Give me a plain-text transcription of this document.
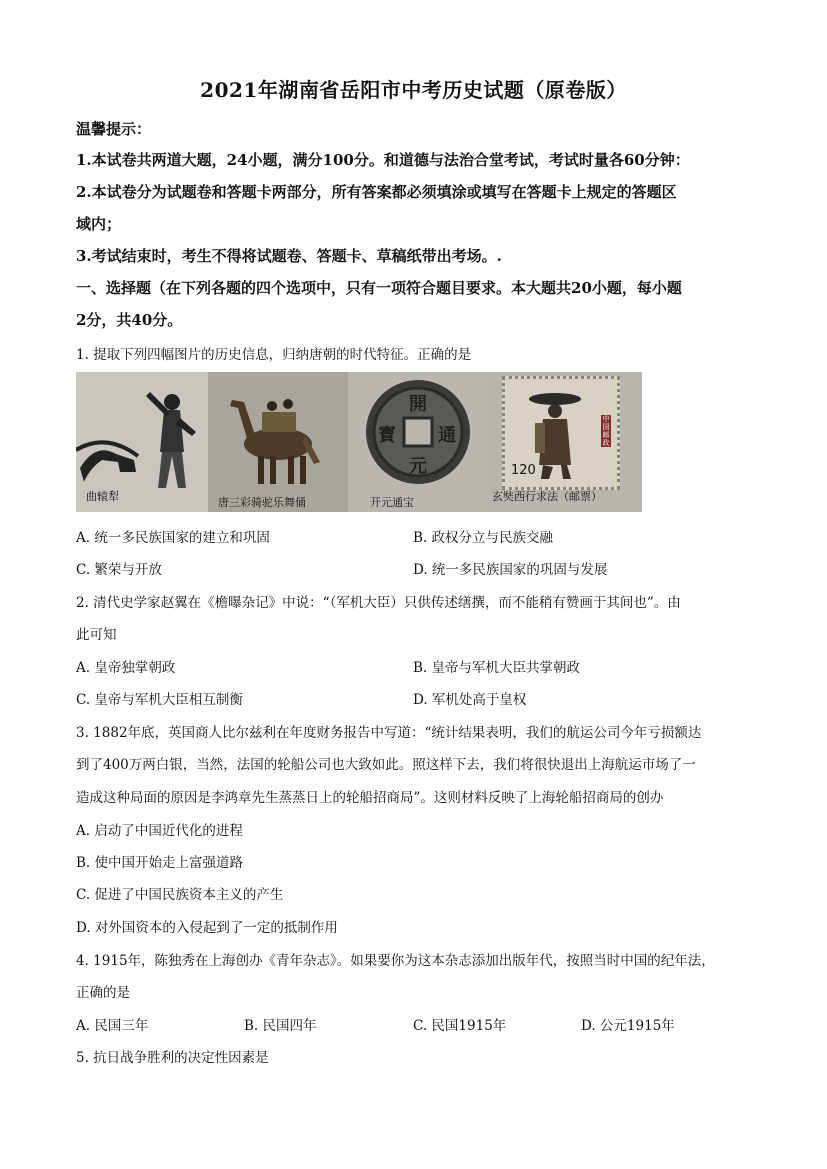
2021年湖南省岳阳市中考历史试题（原卷版）
温馨提示：
1.本试卷共两道大题，24小题，满分100分。和道德与法治合堂考试，考试时量各60分钟：
2.本试卷分为试题卷和答题卡两部分，所有答案都必须填涂或填写在答题卡上规定的答题区
域内；
3.考试结束时，考生不得将试题卷、答题卡、草稿纸带出考场。.
一、选择题（在下列各题的四个选项中，只有一项符合题目要求。本大题共20小题，每小题
2分，共40分。
1. 提取下列四幅图片的历史信息，归纳唐朝的时代特征。正确的是
曲辕犁	唐三彩骑驼乐舞俑
開
元
通
寳
开元通宝
120
中国邮政
玄奘西行求法（邮票）
A. 统一多民族国家的建立和巩固	B. 政权分立与民族交融
C. 繁荣与开放	D. 统一多民族国家的巩固与发展
2. 清代史学家赵翼在《檐曝杂记》中说：“（军机大臣）只供传述缮撰，而不能稍有赞画于其间也”。由
此可知
A. 皇帝独掌朝政	B. 皇帝与军机大臣共掌朝政
C. 皇帝与军机大臣相互制衡	D. 军机处高于皇权
3. 1882年底，英国商人比尔兹利在年度财务报告中写道：“统计结果表明，我们的航运公司今年亏损额达
到了400万两白银，当然，法国的轮船公司也大致如此。照这样下去，我们将很快退出上海航运市场了一
造成这种局面的原因是李鸿章先生蒸蒸日上的轮船招商局”。这则材料反映了上海轮船招商局的创办
A. 启动了中国近代化的进程
B. 使中国开始走上富强道路
C. 促进了中国民族资本主义的产生
D. 对外国资本的入侵起到了一定的抵制作用
4. 1915年，陈独秀在上海创办《青年杂志》。如果要你为这本杂志添加出版年代，按照当时中国的纪年法，
正确的是
A. 民国三年	B. 民国四年	C. 民国1915年	D. 公元1915年
5. 抗日战争胜利的决定性因素是
